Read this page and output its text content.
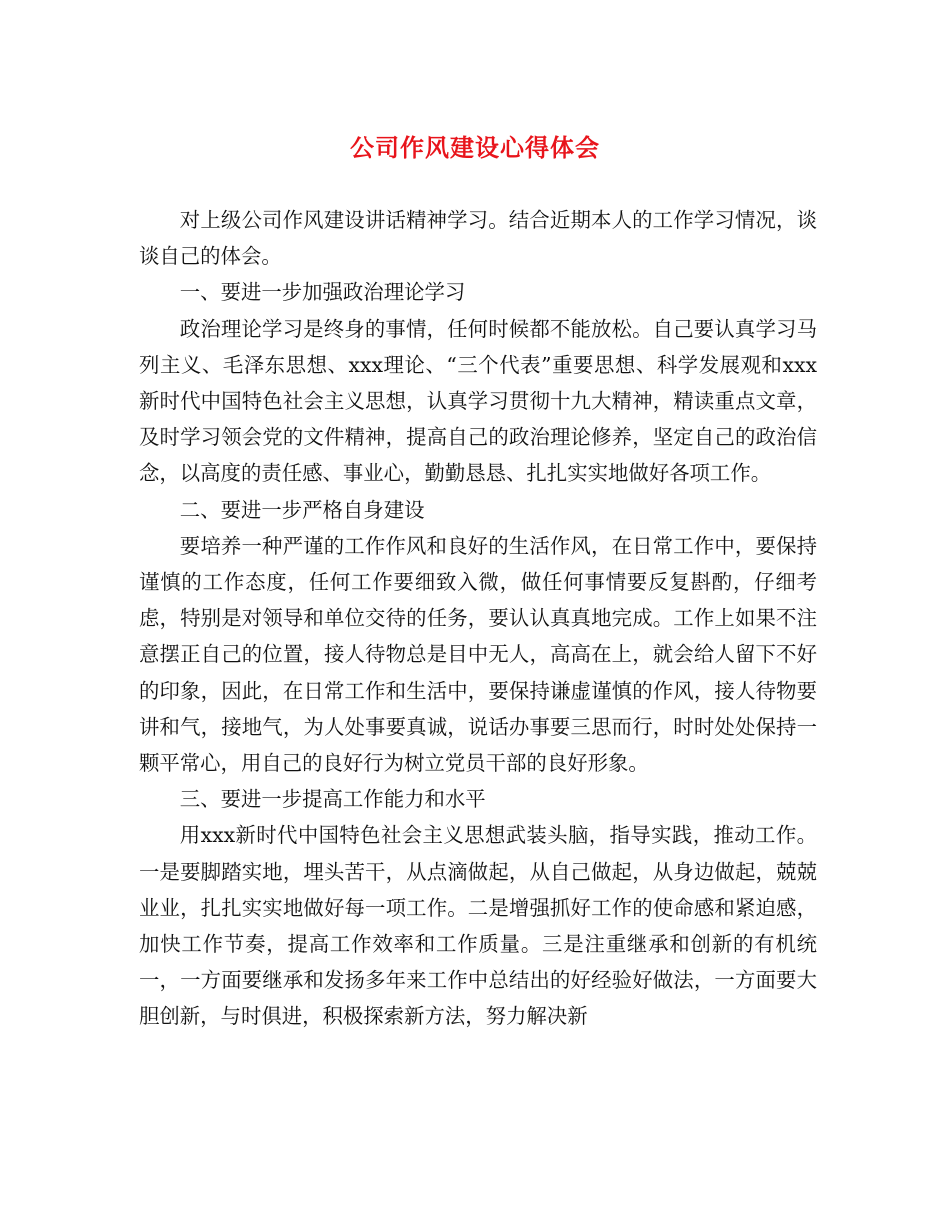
公司作风建设心得体会

对上级公司作风建设讲话精神学习。结合近期本人的工作学习情况，谈谈自己的体会。

一、要进一步加强政治理论学习

政治理论学习是终身的事情，任何时候都不能放松。自己要认真学习马列主义、毛泽东思想、xxx理论、“三个代表”重要思想、科学发展观和xxx新时代中国特色社会主义思想，认真学习贯彻十九大精神，精读重点文章，及时学习领会党的文件精神，提高自己的政治理论修养，坚定自己的政治信念，以高度的责任感、事业心，勤勤恳恳、扎扎实实地做好各项工作。

二、要进一步严格自身建设

要培养一种严谨的工作作风和良好的生活作风，在日常工作中，要保持谨慎的工作态度，任何工作要细致入微，做任何事情要反复斟酌，仔细考虑，特别是对领导和单位交待的任务，要认认真真地完成。工作上如果不注意摆正自己的位置，接人待物总是目中无人，高高在上，就会给人留下不好的印象，因此，在日常工作和生活中，要保持谦虚谨慎的作风，接人待物要讲和气，接地气，为人处事要真诚，说话办事要三思而行，时时处处保持一颗平常心，用自己的良好行为树立党员干部的良好形象。

三、要进一步提高工作能力和水平

用xxx新时代中国特色社会主义思想武装头脑，指导实践，推动工作。一是要脚踏实地，埋头苦干，从点滴做起，从自己做起，从身边做起，兢兢业业，扎扎实实地做好每一项工作。二是增强抓好工作的使命感和紧迫感，加快工作节奏，提高工作效率和工作质量。三是注重继承和创新的有机统一，一方面要继承和发扬多年来工作中总结出的好经验好做法，一方面要大胆创新，与时俱进，积极探索新方法，努力解决新
